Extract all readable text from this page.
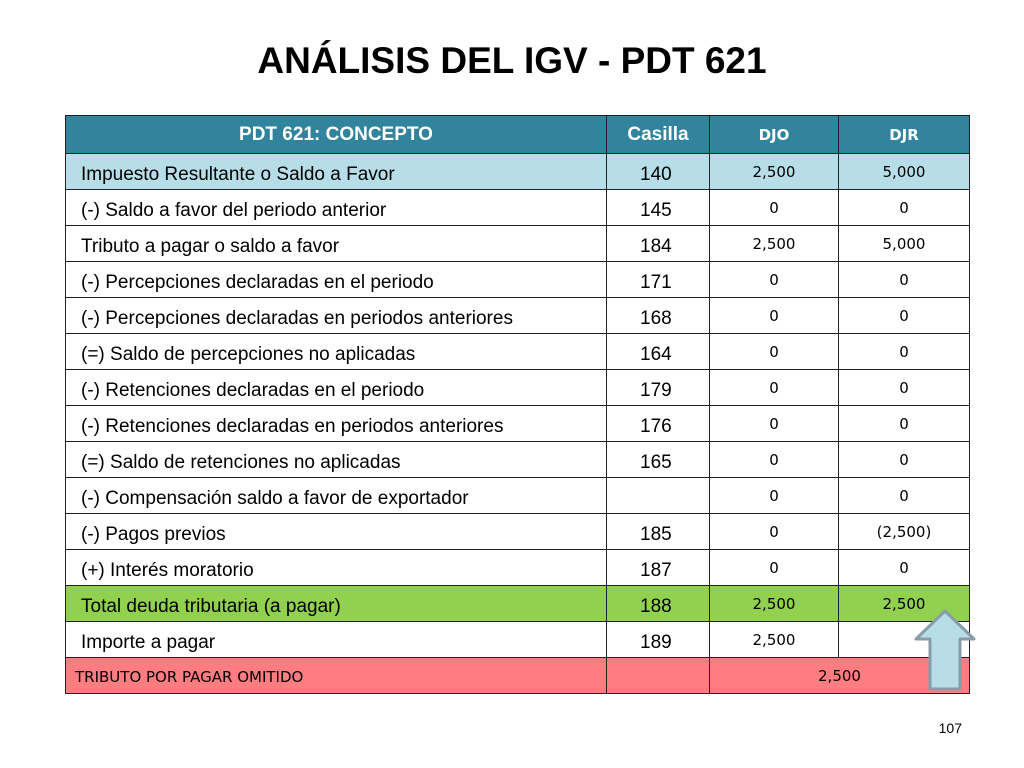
ANÁLISIS DEL IGV - PDT 621
PDT 621: CONCEPTO	Casilla	DJO	DJR
Impuesto Resultante o Saldo a Favor	140	2,500	5,000
(-) Saldo a favor del periodo anterior	145	0	0
Tributo a pagar o saldo a favor	184	2,500	5,000
(-) Percepciones declaradas en el periodo	171	0	0
(-) Percepciones declaradas en periodos anteriores	168	0	0
(=) Saldo de percepciones no aplicadas	164	0	0
(-) Retenciones declaradas en el periodo	179	0	0
(-) Retenciones declaradas en periodos anteriores	176	0	0
(=) Saldo de retenciones no aplicadas	165	0	0
(-) Compensación saldo a favor de exportador		0	0
(-) Pagos previos	185	0	(2,500)
(+) Interés moratorio	187	0	0
Total deuda tributaria (a pagar)	188	2,500	2,500
Importe a pagar	189	2,500	
TRIBUTO POR PAGAR OMITIDO		2,500	
107
